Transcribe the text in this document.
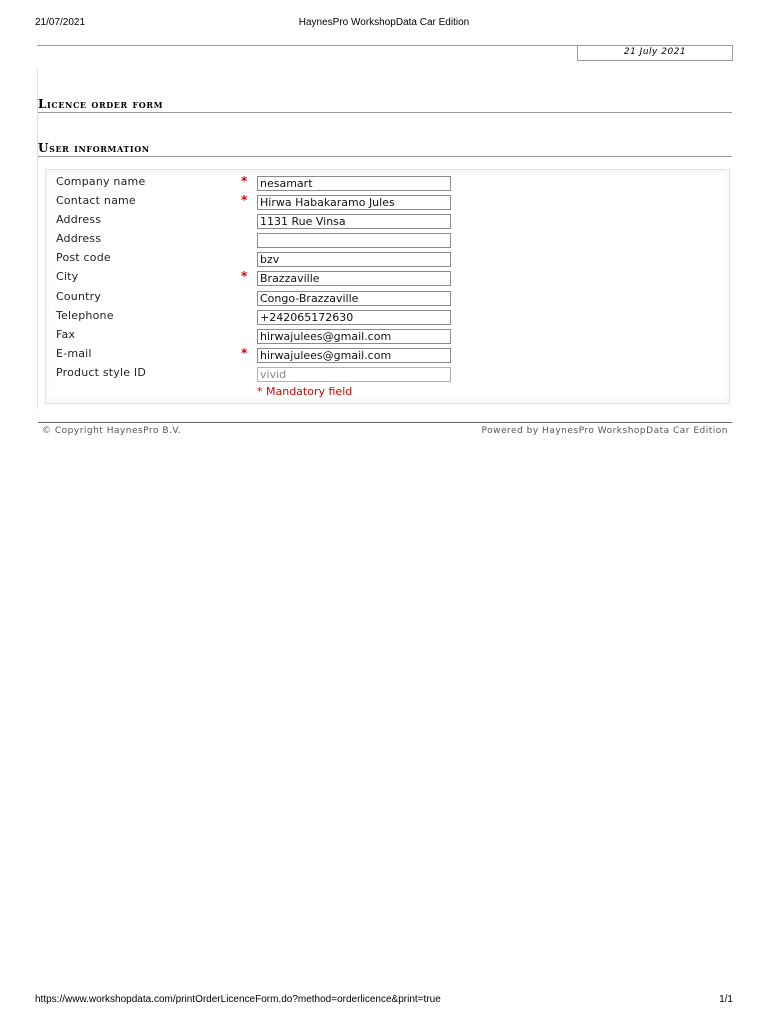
21/07/2021	HaynesPro WorkshopData Car Edition
21 July 2021
Licence order form
User information
Company name	* nesamart
Contact name	* Hirwa Habakaramo Jules
Address	1131 Rue Vinsa
Address
Post code	bzv
City	* Brazzaville
Country	Congo-Brazzaville
Telephone	+242065172630
Fax	hirwajulees@gmail.com
E-mail	* hirwajulees@gmail.com
Product style ID	vivid
* Mandatory field
© Copyright HaynesPro B.V.	Powered by HaynesPro WorkshopData Car Edition
https://www.workshopdata.com/printOrderLicenceForm.do?method=orderlicence&print=true	1/1
